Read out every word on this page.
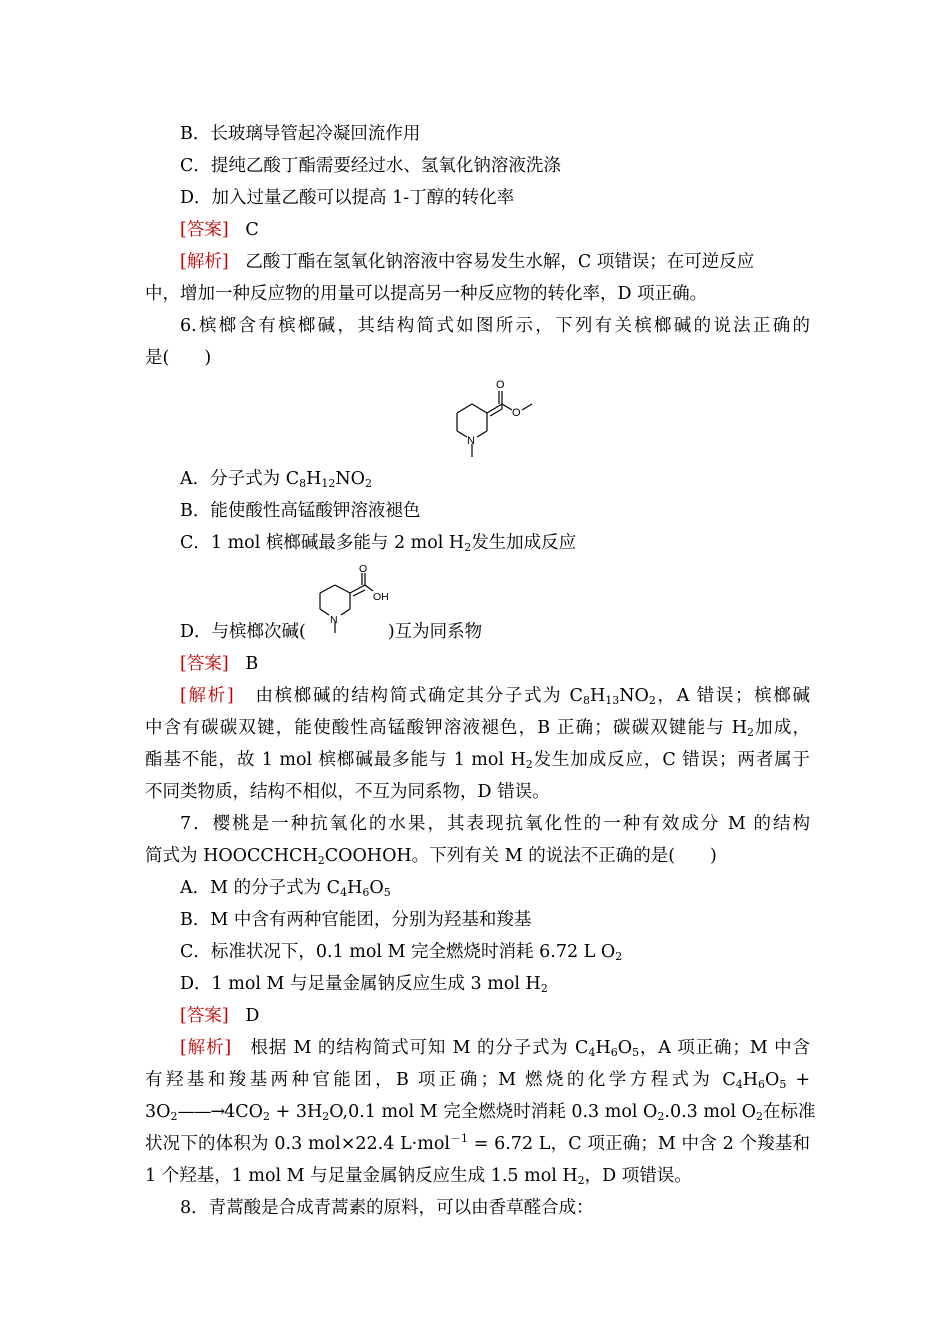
B．长玻璃导管起冷凝回流作用
C．提纯乙酸丁酯需要经过水、氢氧化钠溶液洗涤
D．加入过量乙酸可以提高 1-丁醇的转化率
[答案] C
[解析] 乙酸丁酯在氢氧化钠溶液中容易发生水解，C 项错误；在可逆反应
中，增加一种反应物的用量可以提高另一种反应物的转化率，D 项正确。
6.槟榔含有槟榔碱，其结构简式如图所示，下列有关槟榔碱的说法正确的
是(　　)
O
O
N
A．分子式为 $C_8H_{12}NO_2$
B．能使酸性高锰酸钾溶液褪色
C．1 mol 槟榔碱最多能与 2 mol $H_2$发生加成反应
O
OH
N
D．与槟榔次碱(	)互为同系物
[答案] B
[解析] 由槟榔碱的结构简式确定其分子式为 $C_8H_{13}NO_2$，A 错误；槟榔碱
中含有碳碳双键，能使酸性高锰酸钾溶液褪色，B 正确；碳碳双键能与 $H_2$加成，
酯基不能，故 1 mol 槟榔碱最多能与 1 mol $H_2$发生加成反应，C 错误；两者属于
不同类物质，结构不相似，不互为同系物，D 错误。
7．樱桃是一种抗氧化的水果，其表现抗氧化性的一种有效成分 M 的结构
简式为 $HOOCCHCH_2COOHOH$。下列有关 M 的说法不正确的是(　　)
A．M 的分子式为 $C_4H_6O_5$
B．M 中含有两种官能团，分别为羟基和羧基
C．标准状况下，0.1 mol M 完全燃烧时消耗 6.72 L $O_2$
D．1 mol M 与足量金属钠反应生成 3 mol $H_2$
[答案] D
[解析] 根据 M 的结构简式可知 M 的分子式为 $C_4H_6O_5$，A 项正确；M 中含
有羟基和羧基两种官能团，B 项正确；M 燃烧的化学方程式为 $C_4H_6O_5$ +
$3O_2——\to 4CO_2 + 3H_2O,0.1$ mol M 完全燃烧时消耗 0.3 mol $O_2.0.3$ mol $O_2$在标准
状况下的体积为 0.3 mol×22.4 L·mol$^{-1}$ = 6.72 L，C 项正确；M 中含 2 个羧基和
1 个羟基，1 mol M 与足量金属钠反应生成 1.5 mol $H_2$，D 项错误。
8．青蒿酸是合成青蒿素的原料，可以由香草醛合成：
